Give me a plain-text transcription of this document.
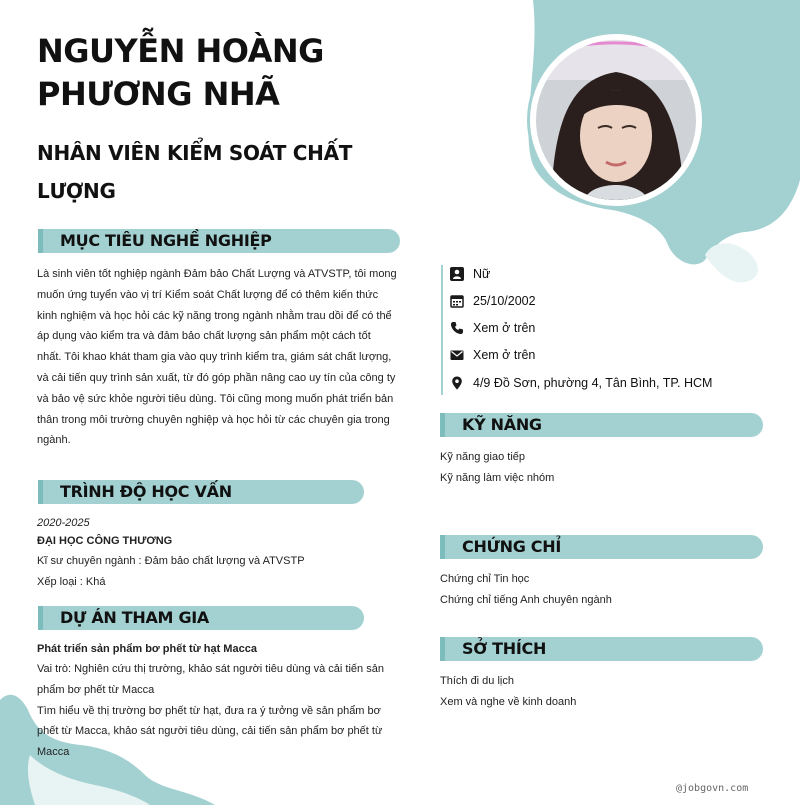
NGUYỄN HOÀNG
PHƯƠNG NHÃ
NHÂN VIÊN KIỂM SOÁT CHẤT
LƯỢNG
MỤC TIÊU NGHỀ NGHIỆP
Là sinh viên tốt nghiệp ngành Đảm bảo Chất Lượng và ATVSTP, tôi mong
muốn ứng tuyển vào vị trí Kiểm soát Chất lượng để có thêm kiến thức
kinh nghiệm và học hỏi các kỹ năng trong ngành nhằm trau dồi để có thể
áp dụng vào kiểm tra và đảm bảo chất lượng sản phẩm một cách tốt
nhất. Tôi khao khát tham gia vào quy trình kiểm tra, giám sát chất lượng,
và cải tiến quy trình sản xuất, từ đó góp phần nâng cao uy tín của công ty
và bảo vệ sức khỏe người tiêu dùng. Tôi cũng mong muốn phát triển bản
thân trong môi trường chuyên nghiệp và học hỏi từ các chuyên gia trong
ngành.
TRÌNH ĐỘ HỌC VẤN
2020-2025
ĐẠI HỌC CÔNG THƯƠNG
Kĩ sư chuyên ngành : Đảm bảo chất lượng và ATVSTP
Xếp loại : Khá
DỰ ÁN THAM GIA
Phát triển sản phẩm bơ phết từ hạt Macca
Vai trò: Nghiên cứu thị trường, khảo sát người tiêu dùng và cải tiến sản
phẩm bơ phết từ Macca
Tìm hiểu về thị trường bơ phết từ hạt, đưa ra ý tưởng về sản phẩm bơ
phết từ Macca, khảo sát người tiêu dùng, cải tiến sản phẩm bơ phết từ
Macca
Nữ
25/10/2002
Xem ở trên
Xem ở trên
4/9 Đồ Sơn, phường 4, Tân Bình, TP. HCM
KỸ NĂNG
Kỹ năng giao tiếp
Kỹ năng làm việc nhóm
CHỨNG CHỈ
Chứng chỉ Tin học
Chứng chỉ tiếng Anh chuyên ngành
SỞ THÍCH
Thích đi du lịch
Xem và nghe về kinh doanh
@jobgovn.com
